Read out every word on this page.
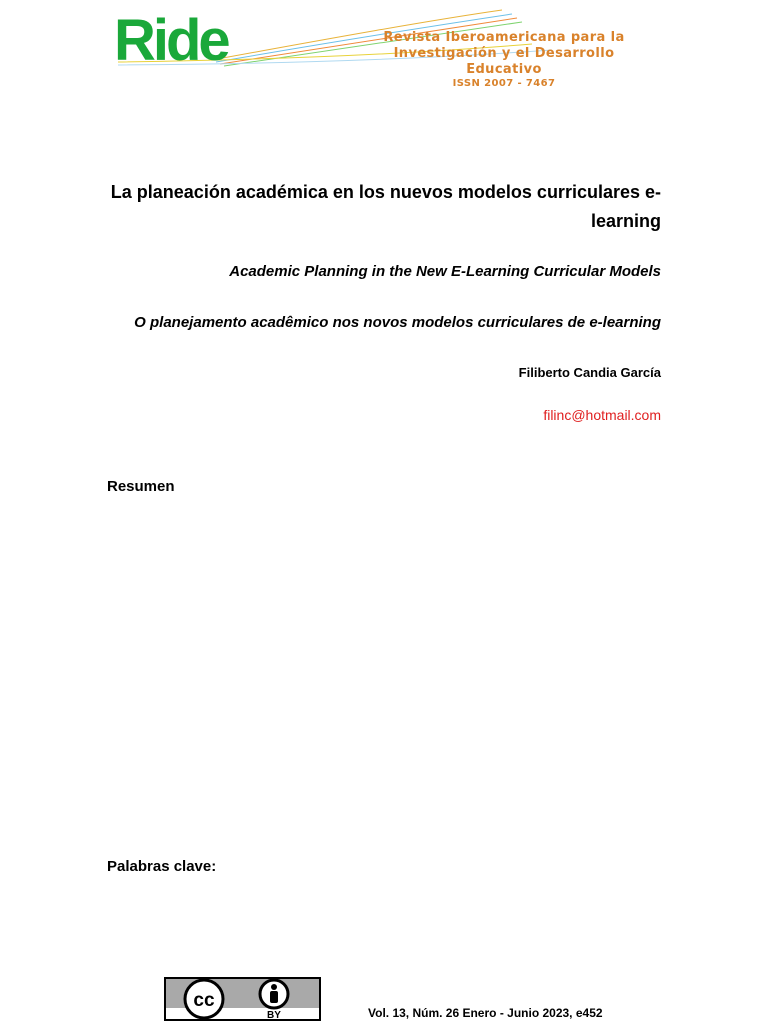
Ride	Revista Iberoamericana para la
Investigación y el Desarrollo Educativo
ISSN 2007 - 7467
La planeación académica en los nuevos modelos curriculares e-learning
Academic Planning in the New E-Learning Curricular Models
O planejamento acadêmico nos novos modelos curriculares de e-learning
Filiberto Candia García
filinc@hotmail.com
Resumen
Palabras clave:
cc
BY	Vol. 13, Núm. 26 Enero - Junio 2023, e452
